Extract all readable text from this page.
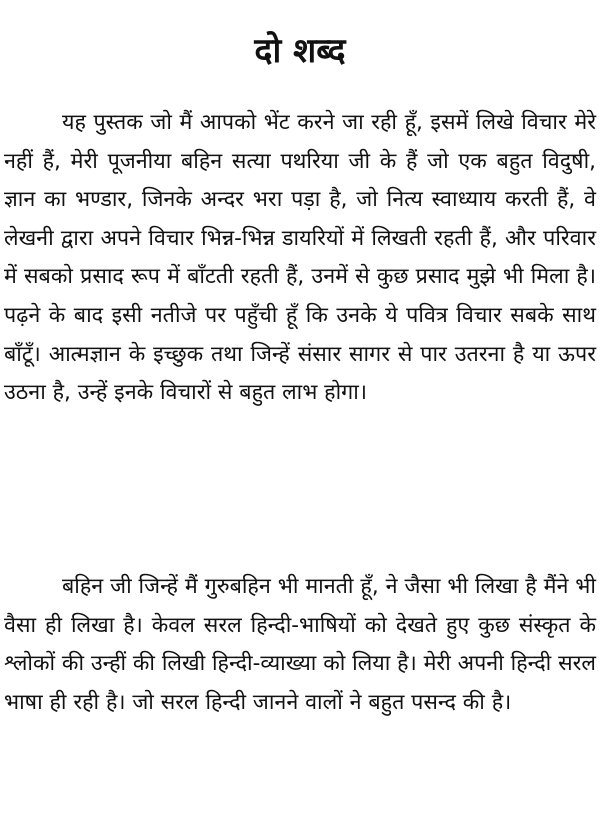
दो शब्द

यह पुस्तक जो मैं आपको भेंट करने जा रही हूँ, इसमें लिखे विचार मेरे नहीं हैं, मेरी पूजनीया बहिन सत्या पथरिया जी के हैं जो एक बहुत विदुषी, ज्ञान का भण्डार, जिनके अन्दर भरा पड़ा है, जो नित्य स्वाध्याय करती हैं, वे लेखनी द्वारा अपने विचार भिन्न-भिन्न डायरियों में लिखती रहती हैं, और परिवार में सबको प्रसाद रूप में बाँटती रहती हैं, उनमें से कुछ प्रसाद मुझे भी मिला है। पढ़ने के बाद इसी नतीजे पर पहुँची हूँ कि उनके ये पवित्र विचार सबके साथ बाँटूँ। आत्मज्ञान के इच्छुक तथा जिन्हें संसार सागर से पार उतरना है या ऊपर उठना है, उन्हें इनके विचारों से बहुत लाभ होगा।

बहिन जी जिन्हें मैं गुरुबहिन भी मानती हूँ, ने जैसा भी लिखा है मैंने भी वैसा ही लिखा है। केवल सरल हिन्दी-भाषियों को देखते हुए कुछ संस्कृत के श्लोकों की उन्हीं की लिखी हिन्दी-व्याख्या को लिया है। मेरी अपनी हिन्दी सरल भाषा ही रही है। जो सरल हिन्दी जानने वालों ने बहुत पसन्द की है।
